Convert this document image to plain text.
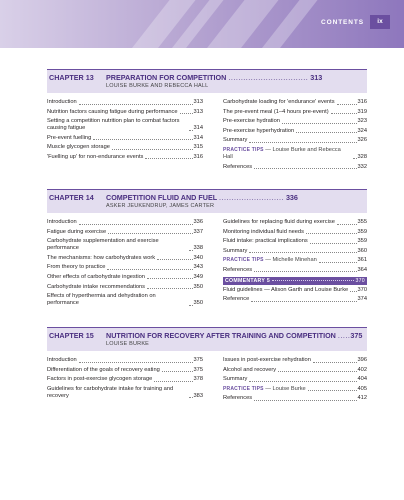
CONTENTS	ix
CHAPTER 13 PREPARATION FOR COMPETITION ................................ 313
LOUISE BURKE AND REBECCA HALL
Introduction	313
Nutrition factors causing fatigue during performance	313
Setting a competition nutrition plan to combat factors causing fatigue	314
Pre-event fuelling	314
Muscle glycogen storage	315
'Fuelling up' for non-endurance events	316
Carbohydrate loading for 'endurance' events	316
The pre-event meal (1–4 hours pre-event)	319
Pre-exercise hydration	323
Pre-exercise hyperhydration	324
Summary	326
PRACTICE TIPS — Louise Burke and Rebecca Hall	328
References	332
CHAPTER 14 COMPETITION FLUID AND FUEL .......................... 336
ASKER JEUKENDRUP, JAMES CARTER
Introduction	336
Fatigue during exercise	337
Carbohydrate supplementation and exercise performance	338
The mechanisms: how carbohydrates work	340
From theory to practice	343
Other effects of carbohydrate ingestion	349
Carbohydrate intake recommendations	350
Effects of hyperthermia and dehydration on performance	350
Guidelines for replacing fluid during exercise	355
Monitoring individual fluid needs	359
Fluid intake: practical implications	359
Summary	360
PRACTICE TIPS — Michelle Minehan	361
References	364
COMMENTARY 5	370
Fluid guidelines — Alison Garth and Louise Burke 370
Reference	374
CHAPTER 15 NUTRITION FOR RECOVERY AFTER TRAINING AND COMPETITION .....375
LOUISE BURKE
Introduction	375
Differentiation of the goals of recovery eating	375
Factors in post-exercise glycogen storage	378
Guidelines for carbohydrate intake for training and recovery	383
Issues in post-exercise rehydration	396
Alcohol and recovery	402
Summary	404
PRACTICE TIPS — Louise Burke	405
References	412
